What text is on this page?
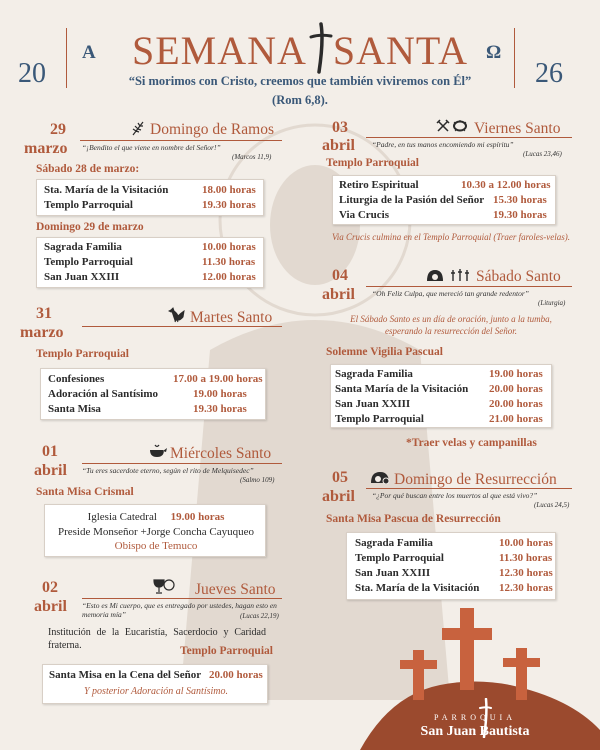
20	26
A	Ω
SEMANA SANTA
“Si morimos con Cristo, creemos que también viviremos con Él”
(Rom 6,8).
29
marzo
Domingo de Ramos
“¡Bendito el que viene en nombre del Señor!”
(Marcos 11,9)
Sábado 28 de marzo:
Sta. María de la Visitación	18.00 horas
Templo Parroquial	19.30 horas
Domingo 29 de marzo
Sagrada Familia	10.00 horas
Templo Parroquial	11.30 horas
San Juan XXIII	12.00 horas
31
marzo
Martes Santo
Templo Parroquial
Confesiones	17.00 a 19.00 horas
Adoración al Santísimo	19.00 horas
Santa Misa	19.30 horas
01
abril
Miércoles Santo
“Tu eres sacerdote eterno, según el rito de Melquisedec”
(Salmo 109)
Santa Misa Crismal
Iglesia Catedral 19.00 horas
Preside Monseñor +Jorge Concha Cayuqueo
Obispo de Temuco
02
abril
Jueves Santo
“Esto es Mi cuerpo, que es entregado por ustedes, hagan esto en
memoria mía”	(Lucas 22,19)
Institución de la Eucaristía, Sacerdocio y Caridad fraterna.	Templo Parroquial
Santa Misa en la Cena del Señor 20.00 horas
Y posterior Adoración al Santísimo.
03
abril
Viernes Santo
“Padre, en tus manos encomiendo mi espíritu”
(Lucas 23,46)
Templo Parroquial
Retiro Espiritual	10.30 a 12.00 horas
Liturgia de la Pasión del Señor 15.30 horas
Via Crucis	19.30 horas
Via Crucis culmina en el Templo Parroquial (Traer faroles-velas).
04
abril
Sábado Santo
“Oh Feliz Culpa, que mereció tan grande redentor”
(Liturgia)
El Sábado Santo es un día de oración, junto a la tumba,
esperando la resurrección del Señor.
Solemne Vigilia Pascual
Sagrada Familia	19.00 horas
Santa María de la Visitación 20.00 horas
San Juan XXIII	20.00 horas
Templo Parroquial	21.00 horas
*Traer velas y campanillas
05
abril
Domingo de Resurrección
“¿Por qué buscan entre los muertos al que está vivo?”
(Lucas 24,5)
Santa Misa Pascua de Resurrección
Sagrada Familia	10.00 horas
Templo Parroquial	11.30 horas
San Juan XXIII	12.30 horas
Sta. María de la Visitación 12.30 horas
PARROQUIA
San Juan Bautista
